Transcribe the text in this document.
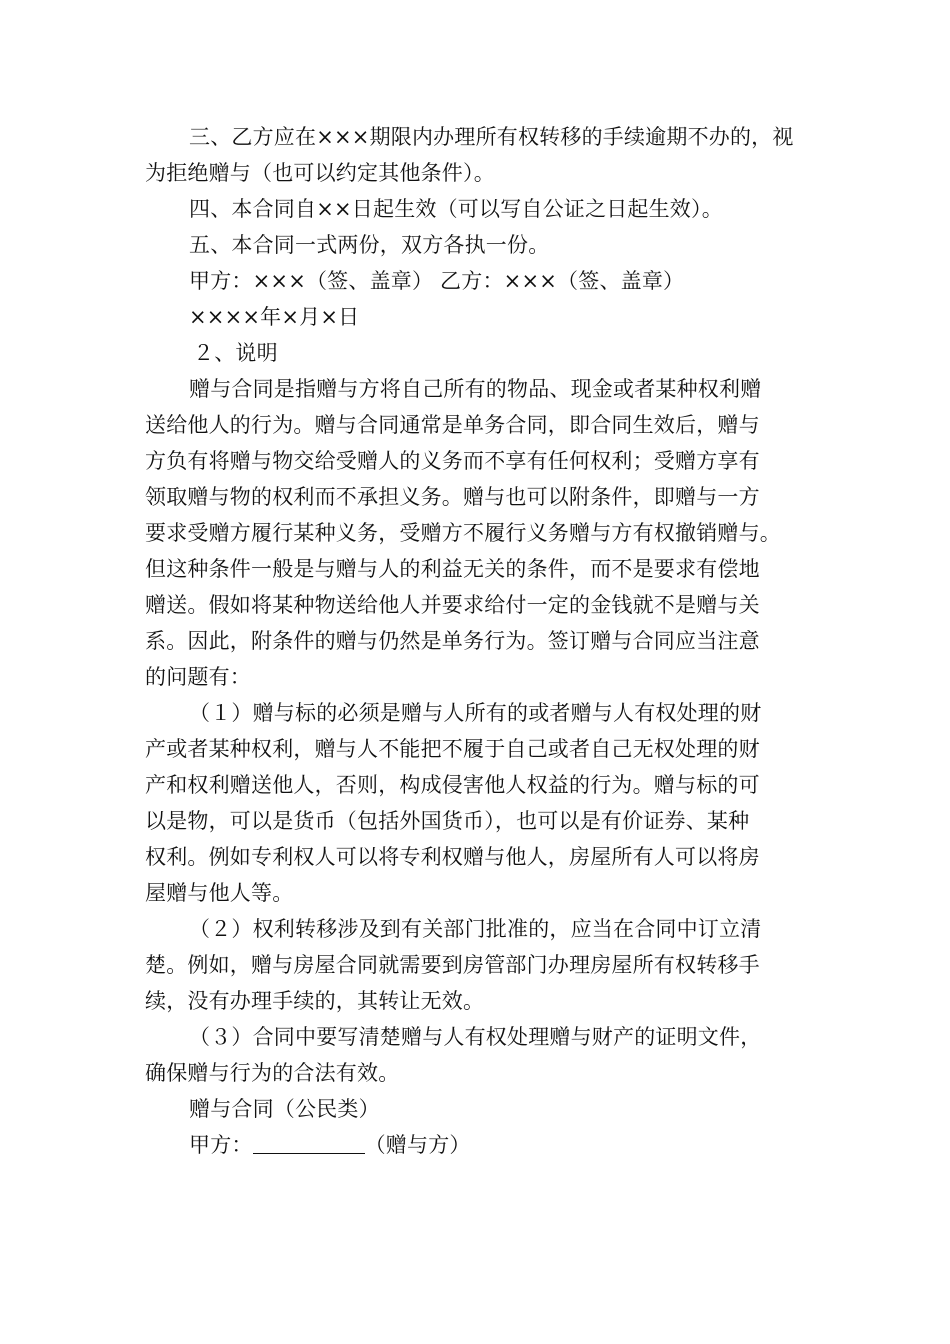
三、乙方应在×××期限内办理所有权转移的手续逾期不办的，视
为拒绝赠与（也可以约定其他条件）。
四、本合同自××日起生效（可以写自公证之日起生效）。
五、本合同一式两份，双方各执一份。
甲方：×××（签、盖章） 乙方：×××（签、盖章）
××××年×月×日
２、说明
赠与合同是指赠与方将自己所有的物品、现金或者某种权利赠
送给他人的行为。赠与合同通常是单务合同，即合同生效后，赠与
方负有将赠与物交给受赠人的义务而不享有任何权利；受赠方享有
领取赠与物的权利而不承担义务。赠与也可以附条件，即赠与一方
要求受赠方履行某种义务，受赠方不履行义务赠与方有权撤销赠与。
但这种条件一般是与赠与人的利益无关的条件，而不是要求有偿地
赠送。假如将某种物送给他人并要求给付一定的金钱就不是赠与关
系。因此，附条件的赠与仍然是单务行为。签订赠与合同应当注意
的问题有：
（１）赠与标的必须是赠与人所有的或者赠与人有权处理的财
产或者某种权利，赠与人不能把不履于自己或者自己无权处理的财
产和权利赠送他人，否则，构成侵害他人权益的行为。赠与标的可
以是物，可以是货币（包括外国货币），也可以是有价证券、某种
权利。例如专利权人可以将专利权赠与他人，房屋所有人可以将房
屋赠与他人等。
（２）权利转移涉及到有关部门批准的，应当在合同中订立清
楚。例如，赠与房屋合同就需要到房管部门办理房屋所有权转移手
续，没有办理手续的，其转让无效。
（３）合同中要写清楚赠与人有权处理赠与财产的证明文件，
确保赠与行为的合法有效。
赠与合同（公民类）
甲方：	（赠与方）
